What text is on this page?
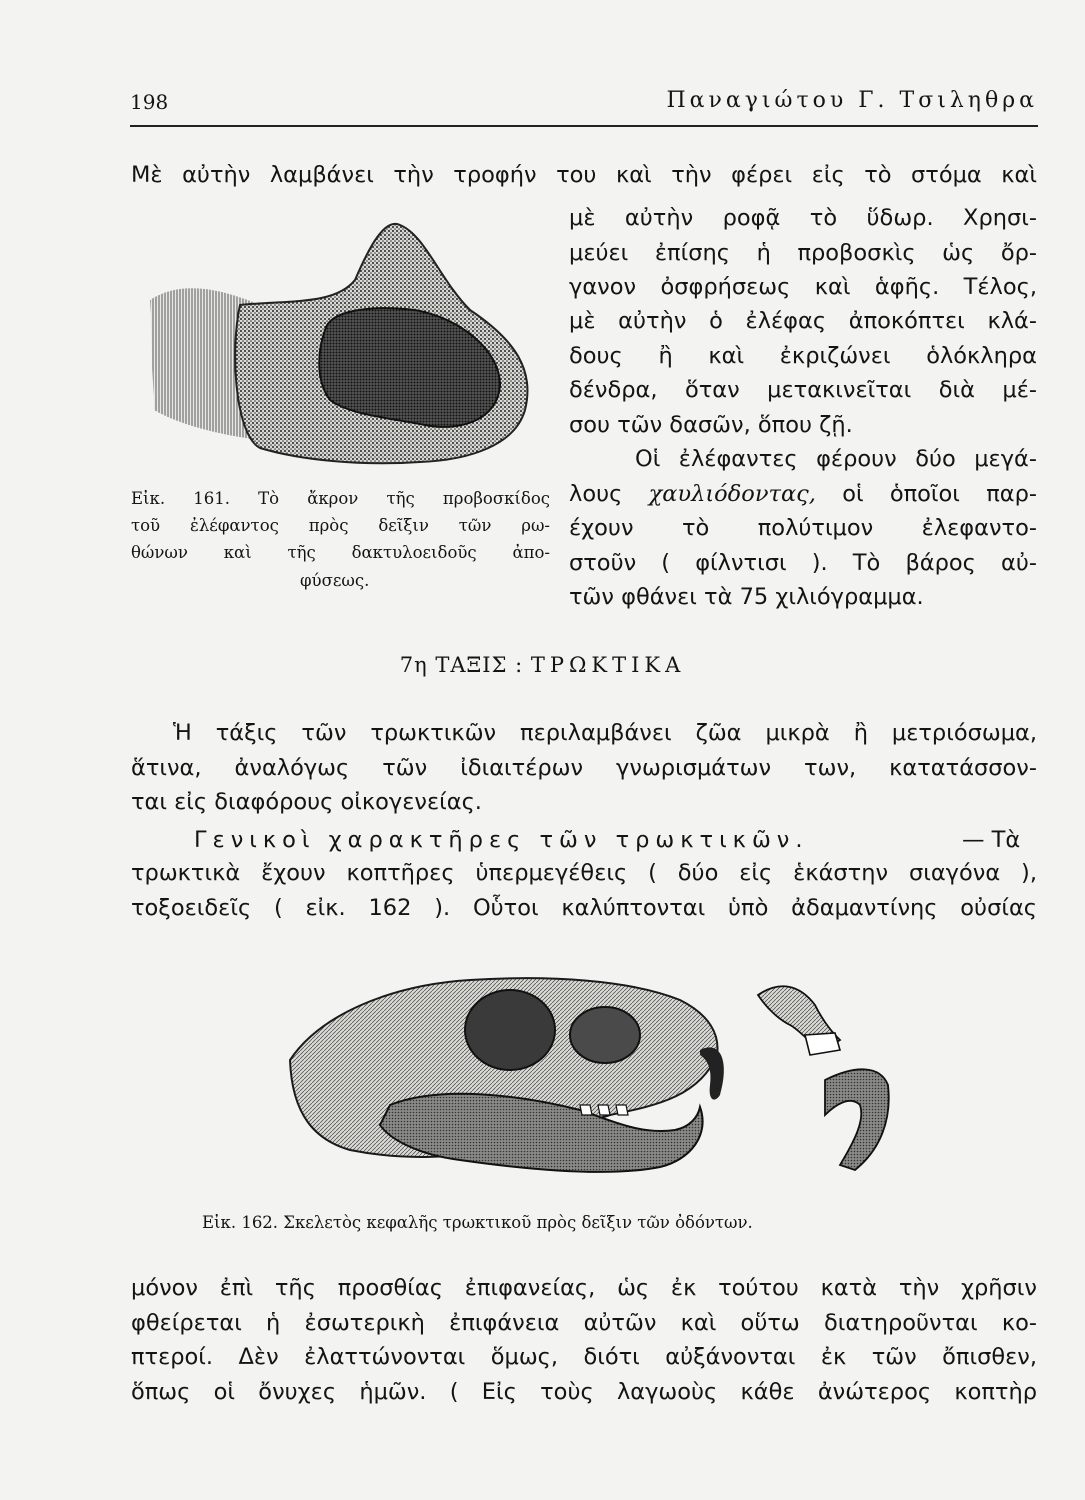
198	Παναγιώτου Γ. Τσιληθρα
Μὲ αὐτὴν λαμβάνει τὴν τροφήν του καὶ τὴν φέρει εἰς τὸ στόμα καὶ
μὲ αὐτὴν ροφᾷ τὸ ὕδωρ. Χρησι-
μεύει ἐπίσης ἡ προβοσκὶς ὡς ὄρ-
γανον ὀσφρήσεως καὶ ἁφῆς. Τέλος,
μὲ αὐτὴν ὁ ἐλέφας ἀποκόπτει κλά-
δους ἢ καὶ ἐκριζώνει ὁλόκληρα
δένδρα, ὅταν μετακινεῖται διὰ μέ-
σου τῶν δασῶν, ὅπου ζῇ.
Οἱ ἐλέφαντες φέρουν δύο μεγά-
λους χαυλιόδοντας, οἱ ὁποῖοι παρ-
έχουν τὸ πολύτιμον ἐλεφαντο-
στοῦν ( φίλντισι ). Τὸ βάρος αὐ-
τῶν φθάνει τὰ 75 χιλιόγραμμα.
Εἰκ. 161. Τὸ ἄκρον τῆς προβοσκίδος
τοῦ ἐλέφαντος πρὸς δεῖξιν τῶν ρω-
θώνων καὶ τῆς δακτυλοειδοῦς ἀπο-
φύσεως.
7η ΤΑΞΙΣ : ΤΡΩΚΤΙΚΑ
Ἡ τάξις τῶν τρωκτικῶν περιλαμβάνει ζῶα μικρὰ ἢ μετριόσωμα,
ἅτινα, ἀναλόγως τῶν ἰδιαιτέρων γνωρισμάτων των, κατατάσσον-
ται εἰς διαφόρους οἰκογενείας.
Γενικοὶ χαρακτῆρες τῶν τρωκτικῶν.	— Τὰ
τρωκτικὰ ἔχουν κοπτῆρες ὑπερμεγέθεις ( δύο εἰς ἑκάστην σιαγόνα ),
τοξοειδεῖς ( εἰκ. 162 ). Οὗτοι καλύπτονται ὑπὸ ἀδαμαντίνης οὐσίας
Εἰκ. 162. Σκελετὸς κεφαλῆς τρωκτικοῦ πρὸς δεῖξιν τῶν ὀδόντων.
μόνον ἐπὶ τῆς προσθίας ἐπιφανείας, ὡς ἐκ τούτου κατὰ τὴν χρῆσιν
φθείρεται ἡ ἐσωτερικὴ ἐπιφάνεια αὐτῶν καὶ οὕτω διατηροῦνται κο-
πτεροί. Δὲν ἐλαττώνονται ὅμως, διότι αὐξάνονται ἐκ τῶν ὄπισθεν,
ὅπως οἱ ὄνυχες ἡμῶν. ( Εἰς τοὺς λαγωοὺς κάθε ἀνώτερος κοπτὴρ
